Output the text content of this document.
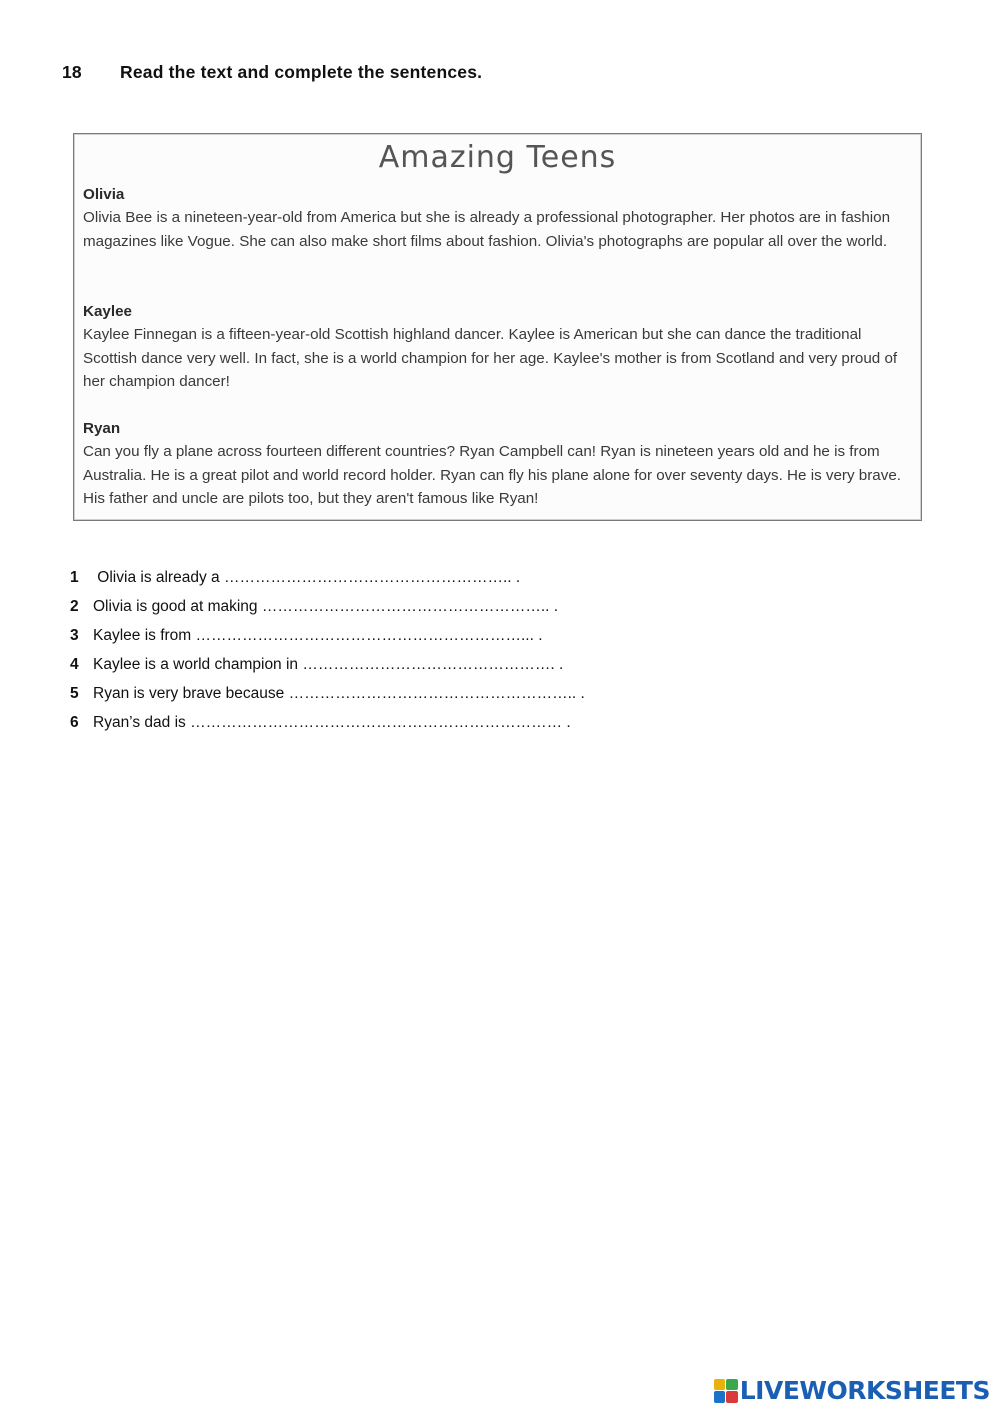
18 Read the text and complete the sentences.
Amazing Teens
Olivia
Olivia Bee is a nineteen-year-old from America but she is already a professional photographer. Her photos are in fashion magazines like Vogue. She can also make short films about fashion. Olivia's photographs are popular all over the world.
Kaylee
Kaylee Finnegan is a fifteen-year-old Scottish highland dancer. Kaylee is American but she can dance the traditional Scottish dance very well. In fact, she is a world champion for her age. Kaylee's mother is from Scotland and very proud of her champion dancer!
Ryan
Can you fly a plane across fourteen different countries? Ryan Campbell can! Ryan is nineteen years old and he is from Australia. He is a great pilot and world record holder. Ryan can fly his plane alone for over seventy days. He is very brave. His father and uncle are pilots too, but they aren't famous like Ryan!
1 Olivia is already a ……………………………………………….. .
2 Olivia is good at making ……………………………………………….. .
3 Kaylee is from ………………………………………………………... .
4 Kaylee is a world champion in …………………………………………. .
5 Ryan is very brave because ……………………………………………….. .
6 Ryan’s dad is ……………………………………………………………… .
LIVEWORKSHEETS
